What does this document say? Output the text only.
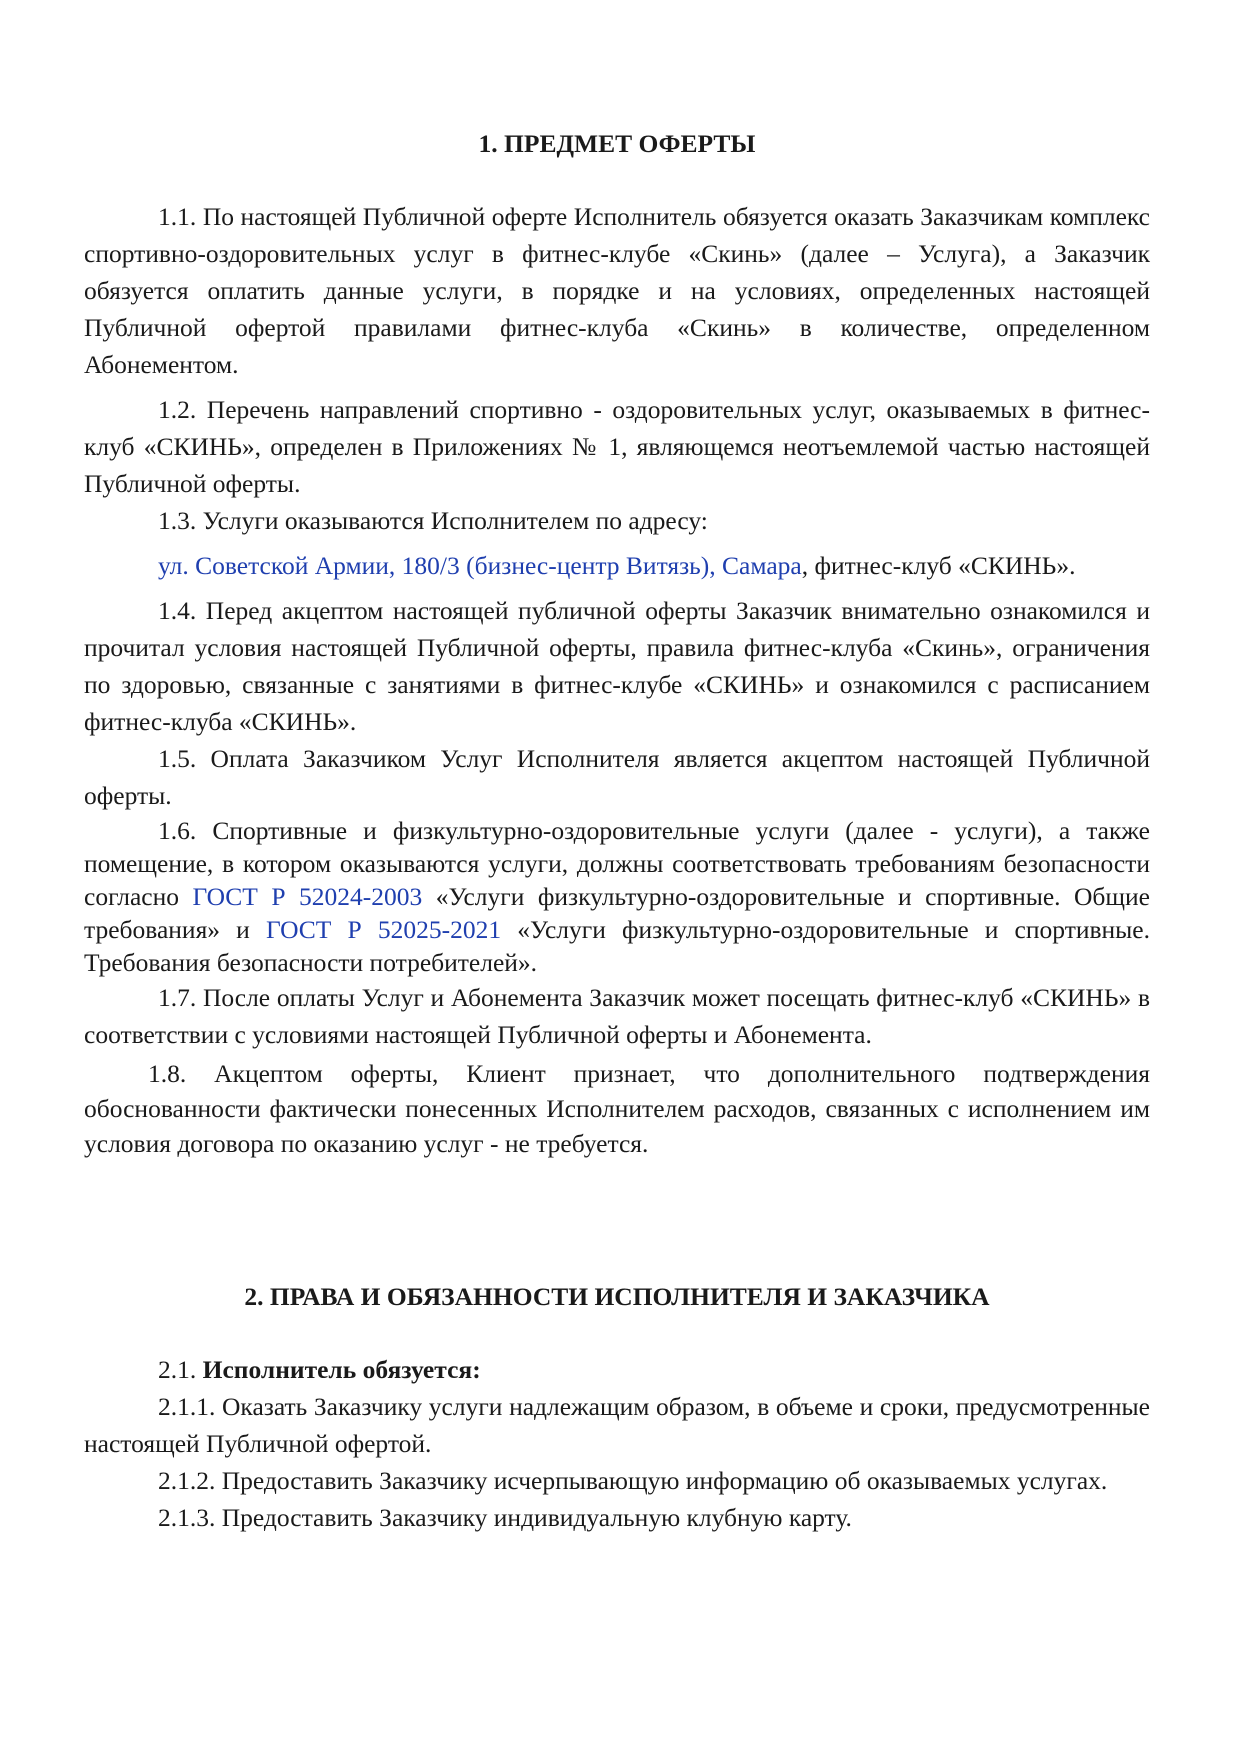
1. ПРЕДМЕТ ОФЕРТЫ

1.1. По настоящей Публичной оферте Исполнитель обязуется оказать Заказчикам комплекс спортивно-оздоровительных услуг в фитнес-клубе «Скинь» (далее – Услуга), а Заказчик обязуется оплатить данные услуги, в порядке и на условиях, определенных настоящей Публичной офертой правилами фитнес-клуба «Скинь» в количестве, определенном Абонементом.

1.2. Перечень направлений спортивно - оздоровительных услуг, оказываемых в фитнес-клуб «СКИНЬ», определен в Приложениях № 1, являющемся неотъемлемой частью настоящей Публичной оферты.

1.3. Услуги оказываются Исполнителем по адресу:

ул. Советской Армии, 180/3 (бизнес-центр Витязь), Самара, фитнес-клуб «СКИНЬ».

1.4. Перед акцептом настоящей публичной оферты Заказчик внимательно ознакомился и прочитал условия настоящей Публичной оферты, правила фитнес-клуба «Скинь», ограничения по здоровью, связанные с занятиями в фитнес-клубе «СКИНЬ» и ознакомился с расписанием фитнес-клуба «СКИНЬ».

1.5. Оплата Заказчиком Услуг Исполнителя является акцептом настоящей Публичной оферты.

1.6. Спортивные и физкультурно-оздоровительные услуги (далее - услуги), а также помещение, в котором оказываются услуги, должны соответствовать требованиям безопасности согласно ГОСТ Р 52024-2003 «Услуги физкультурно-оздоровительные и спортивные. Общие требования» и ГОСТ Р 52025-2021 «Услуги физкультурно-оздоровительные и спортивные. Требования безопасности потребителей».

1.7. После оплаты Услуг и Абонемента Заказчик может посещать фитнес-клуб «СКИНЬ» в соответствии с условиями настоящей Публичной оферты и Абонемента.

1.8. Акцептом оферты, Клиент признает, что дополнительного подтверждения обоснованности фактически понесенных Исполнителем расходов, связанных с исполнением им условия договора по оказанию услуг - не требуется.

2. ПРАВА И ОБЯЗАННОСТИ ИСПОЛНИТЕЛЯ И ЗАКАЗЧИКА

2.1. Исполнитель обязуется:

2.1.1. Оказать Заказчику услуги надлежащим образом, в объеме и сроки, предусмотренные настоящей Публичной офертой.

2.1.2. Предоставить Заказчику исчерпывающую информацию об оказываемых услугах.

2.1.3. Предоставить Заказчику индивидуальную клубную карту.
